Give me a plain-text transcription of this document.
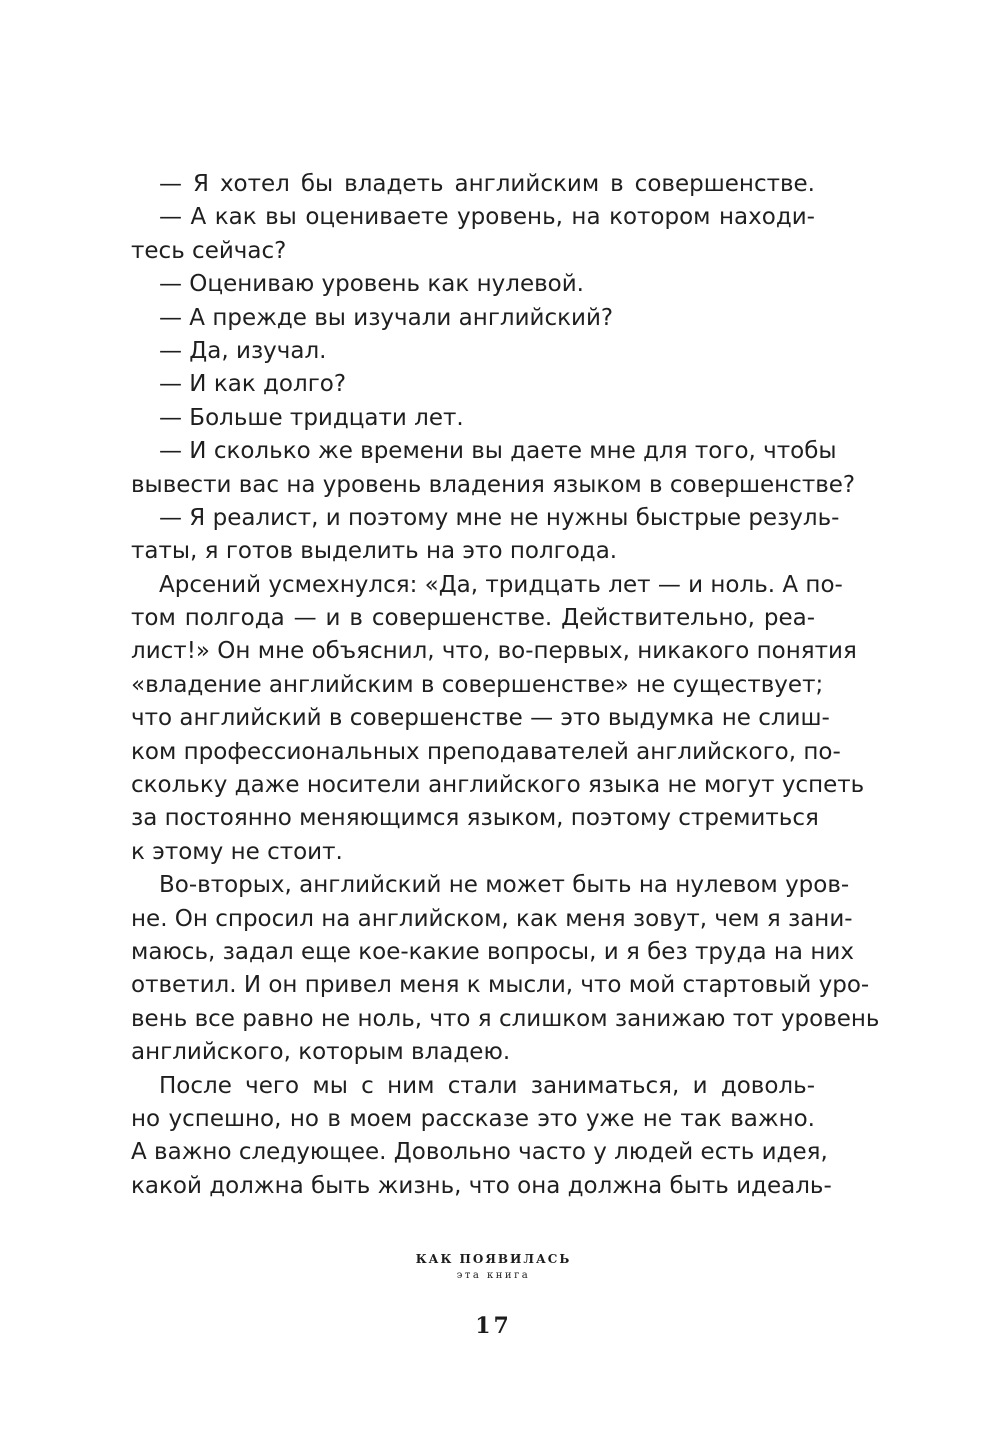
— Я хотел бы владеть английским в совершенстве.
— А как вы оцениваете уровень, на котором находи-
тесь сейчас?
— Оцениваю уровень как нулевой.
— А прежде вы изучали английский?
— Да, изучал.
— И как долго?
— Больше тридцати лет.
— И сколько же времени вы даете мне для того, чтобы
вывести вас на уровень владения языком в совершенстве?
— Я реалист, и поэтому мне не нужны быстрые резуль-
таты, я готов выделить на это полгода.
Арсений усмехнулся: «Да, тридцать лет — и ноль. А по-
том полгода — и в совершенстве. Действительно, реа-
лист!» Он мне объяснил, что, во-первых, никакого понятия
«владение английским в совершенстве» не существует;
что английский в совершенстве — это выдумка не слиш-
ком профессиональных преподавателей английского, по-
скольку даже носители английского языка не могут успеть
за постоянно меняющимся языком, поэтому стремиться
к этому не стоит.
Во-вторых, английский не может быть на нулевом уров-
не. Он спросил на английском, как меня зовут, чем я зани-
маюсь, задал еще кое-какие вопросы, и я без труда на них
ответил. И он привел меня к мысли, что мой стартовый уро-
вень все равно не ноль, что я слишком занижаю тот уровень
английского, которым владею.
После чего мы с ним стали заниматься, и доволь-
но успешно, но в моем рассказе это уже не так важно.
А важно следующее. Довольно часто у людей есть идея,
какой должна быть жизнь, что она должна быть идеаль-
КАК ПОЯВИЛАСЬ
эта книга
17
